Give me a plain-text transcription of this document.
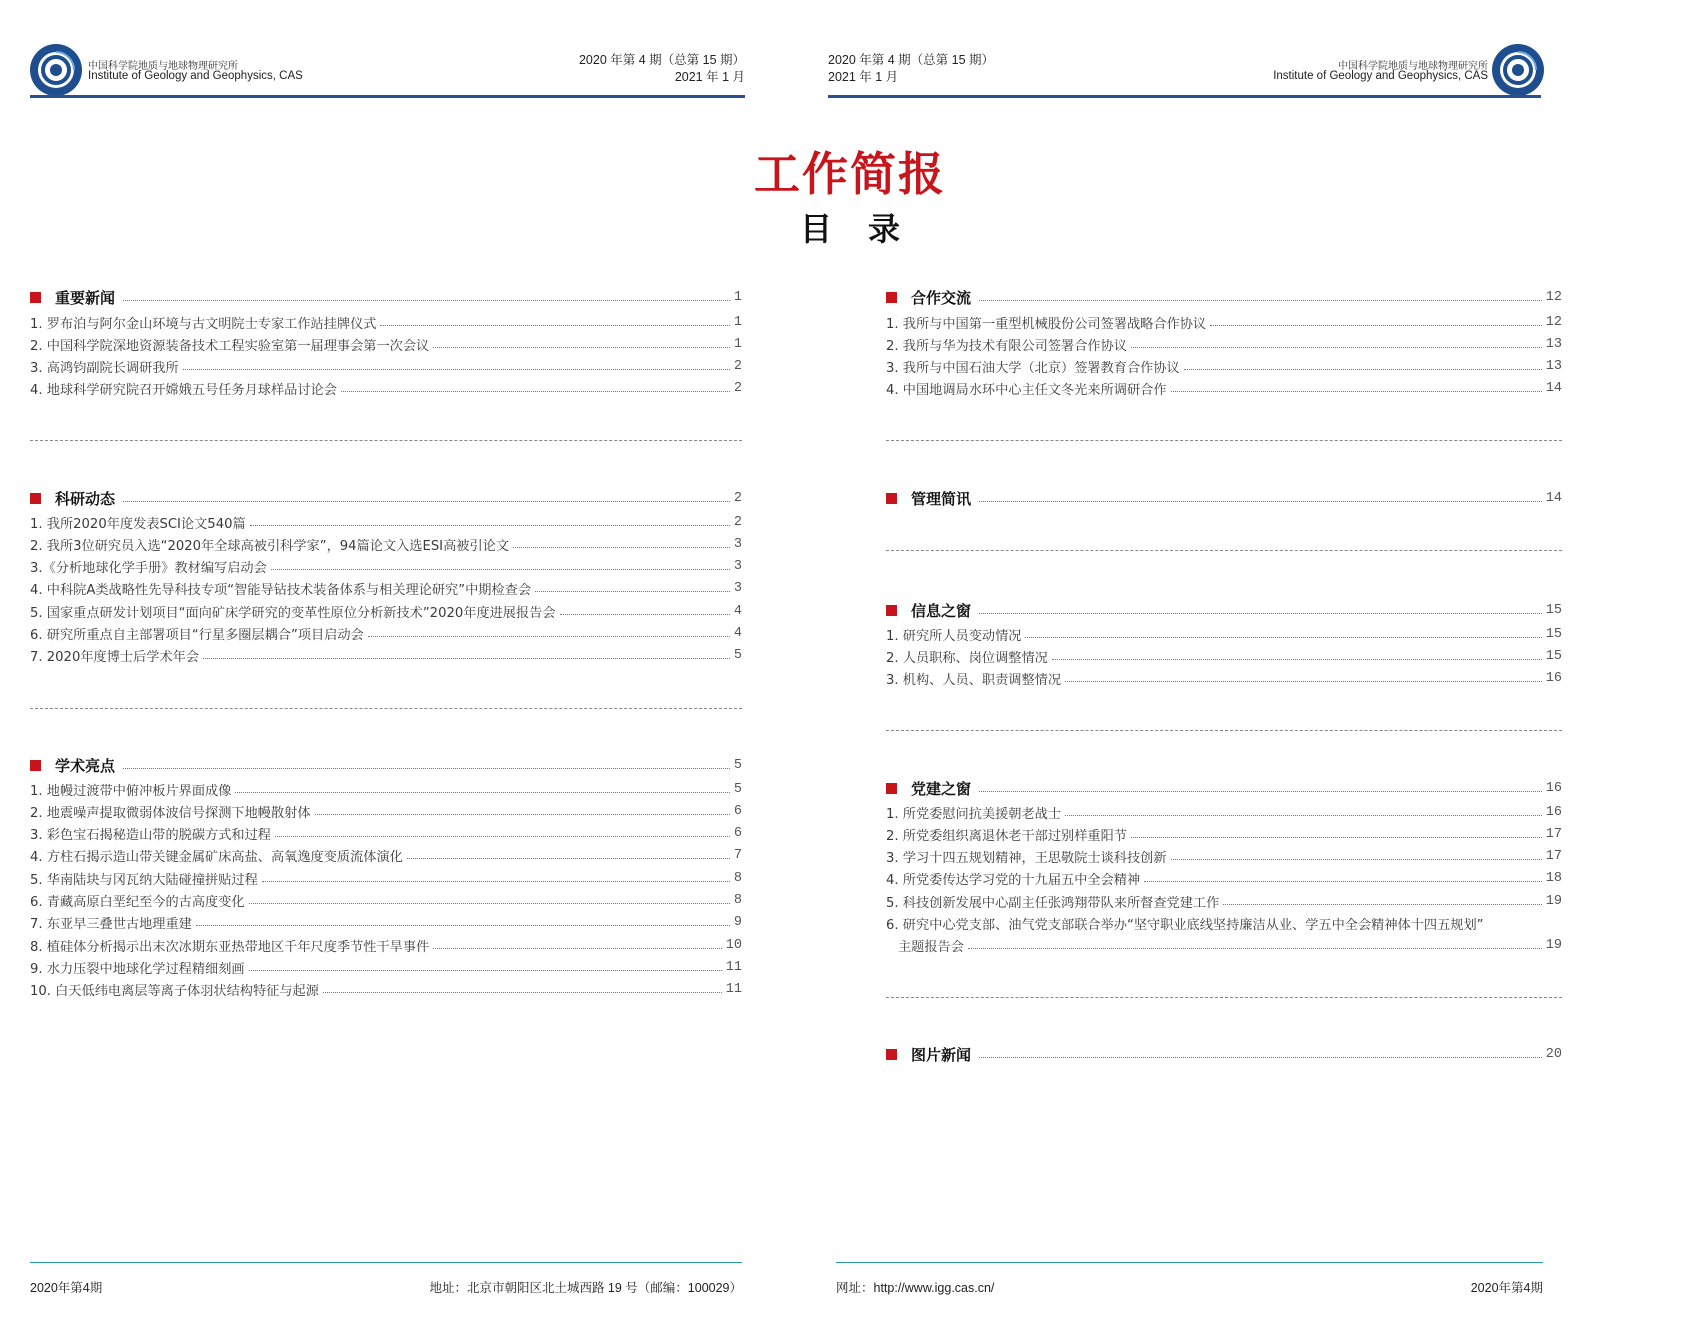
中国科学院地质与地球物理研究所
Institute of Geology and Geophysics, CAS
2020 年第 4 期（总第 15 期）
2021 年 1 月
2020 年第 4 期（总第 15 期）
2021 年 1 月
中国科学院地质与地球物理研究所
Institute of Geology and Geophysics, CAS
工作简报
目录
重要新闻	1
1. 罗布泊与阿尔金山环境与古文明院士专家工作站挂牌仪式	1
2. 中国科学院深地资源装备技术工程实验室第一届理事会第一次会议	1
3. 高鸿钧副院长调研我所	2
4. 地球科学研究院召开嫦娥五号任务月球样品讨论会	2
科研动态	2
1. 我所2020年度发表SCI论文540篇	2
2. 我所3位研究员入选“2020年全球高被引科学家”，94篇论文入选ESI高被引论文	3
3.《分析地球化学手册》教材编写启动会	3
4. 中科院A类战略性先导科技专项“智能导钻技术装备体系与相关理论研究”中期检查会	3
5. 国家重点研发计划项目“面向矿床学研究的变革性原位分析新技术”2020年度进展报告会	4
6. 研究所重点自主部署项目“行星多圈层耦合”项目启动会	4
7. 2020年度博士后学术年会	5
学术亮点	5
1. 地幔过渡带中俯冲板片界面成像	5
2. 地震噪声提取微弱体波信号探测下地幔散射体	6
3. 彩色宝石揭秘造山带的脱碳方式和过程	6
4. 方柱石揭示造山带关键金属矿床高盐、高氧逸度变质流体演化	7
5. 华南陆块与冈瓦纳大陆碰撞拼贴过程	8
6. 青藏高原白垩纪至今的古高度变化	8
7. 东亚早三叠世古地理重建	9
8. 植硅体分析揭示出末次冰期东亚热带地区千年尺度季节性干旱事件	10
9. 水力压裂中地球化学过程精细刻画	11
10. 白天低纬电离层等离子体羽状结构特征与起源	11
合作交流	12
1. 我所与中国第一重型机械股份公司签署战略合作协议	12
2. 我所与华为技术有限公司签署合作协议	13
3. 我所与中国石油大学（北京）签署教育合作协议	13
4. 中国地调局水环中心主任文冬光来所调研合作	14
管理简讯	14
信息之窗	15
1. 研究所人员变动情况	15
2. 人员职称、岗位调整情况	15
3. 机构、人员、职责调整情况	16
党建之窗	16
1. 所党委慰问抗美援朝老战士	16
2. 所党委组织离退休老干部过别样重阳节	17
3. 学习十四五规划精神，王思敬院士谈科技创新	17
4. 所党委传达学习党的十九届五中全会精神	18
5. 科技创新发展中心副主任张鸿翔带队来所督查党建工作	19
6. 研究中心党支部、油气党支部联合举办“坚守职业底线坚持廉洁从业、学五中全会精神体十四五规划”
主题报告会	19
图片新闻	20
2020年第4期	地址：北京市朝阳区北土城西路 19 号（邮编：100029）	网址：http://www.igg.cas.cn/	2020年第4期
